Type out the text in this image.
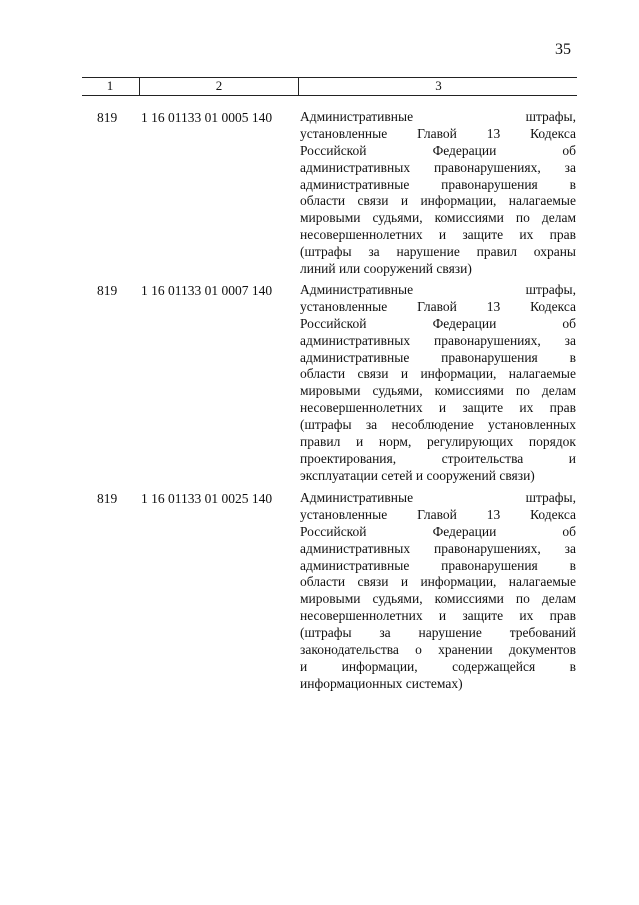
35
1	2	3
819 1 16 01133 01 0005 140 Административные штрафы,
установленные Главой 13 Кодекса
Российской Федерации об
административных правонарушениях, за
административные правонарушения в
области связи и информации, налагаемые
мировыми судьями, комиссиями по делам
несовершеннолетних и защите их прав
(штрафы за нарушение правил охраны
линий или сооружений связи)
819 1 16 01133 01 0007 140 Административные штрафы,
установленные Главой 13 Кодекса
Российской Федерации об
административных правонарушениях, за
административные правонарушения в
области связи и информации, налагаемые
мировыми судьями, комиссиями по делам
несовершеннолетних и защите их прав
(штрафы за несоблюдение установленных
правил и норм, регулирующих порядок
проектирования, строительства и
эксплуатации сетей и сооружений связи)
819 1 16 01133 01 0025 140 Административные штрафы,
установленные Главой 13 Кодекса
Российской Федерации об
административных правонарушениях, за
административные правонарушения в
области связи и информации, налагаемые
мировыми судьями, комиссиями по делам
несовершеннолетних и защите их прав
(штрафы за нарушение требований
законодательства о хранении документов
и информации, содержащейся в
информационных системах)
